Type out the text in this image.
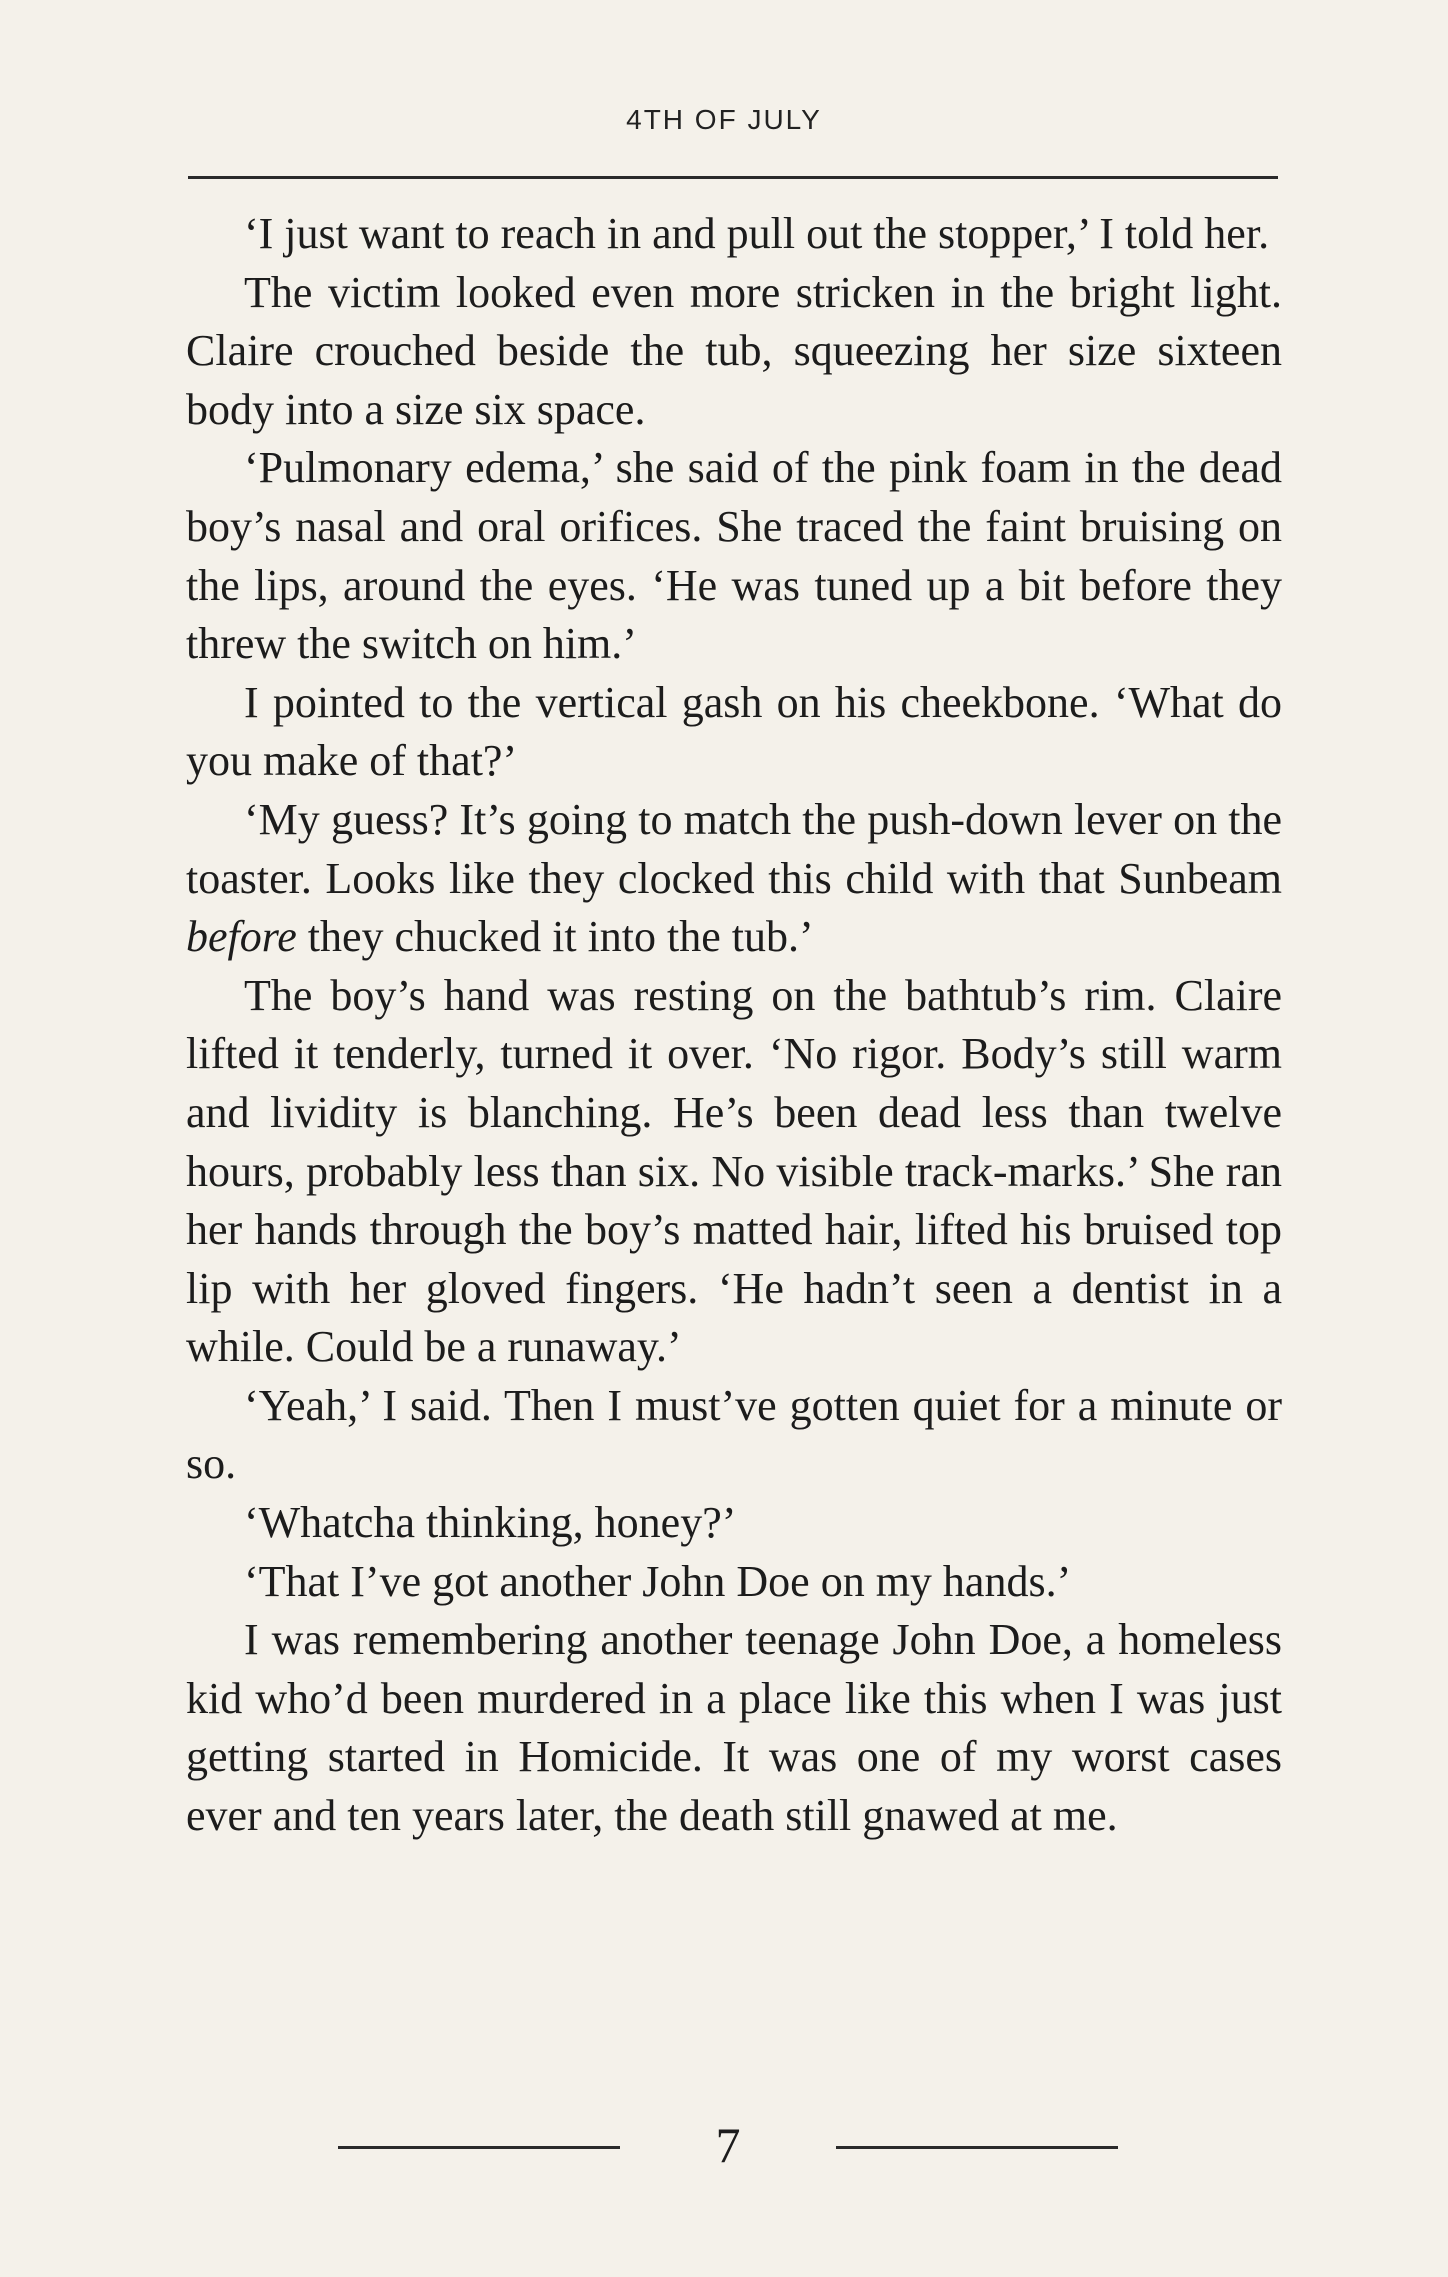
4TH OF JULY

‘I just want to reach in and pull out the stopper,’ I told her.

The victim looked even more stricken in the bright light. Claire crouched beside the tub, squeezing her size sixteen body into a size six space.

‘Pulmonary edema,’ she said of the pink foam in the dead boy’s nasal and oral orifices. She traced the faint bruising on the lips, around the eyes. ‘He was tuned up a bit before they threw the switch on him.’

I pointed to the vertical gash on his cheekbone. ‘What do you make of that?’

‘My guess? It’s going to match the push-down lever on the toaster. Looks like they clocked this child with that Sunbeam before they chucked it into the tub.’

The boy’s hand was resting on the bathtub’s rim. Claire lifted it tenderly, turned it over. ‘No rigor. Body’s still warm and lividity is blanching. He’s been dead less than twelve hours, probably less than six. No visible track-marks.’ She ran her hands through the boy’s matted hair, lifted his bruised top lip with her gloved fingers. ‘He hadn’t seen a dentist in a while. Could be a runaway.’

‘Yeah,’ I said. Then I must’ve gotten quiet for a minute or so.

‘Whatcha thinking, honey?’

‘That I’ve got another John Doe on my hands.’

I was remembering another teenage John Doe, a homeless kid who’d been murdered in a place like this when I was just getting started in Homicide. It was one of my worst cases ever and ten years later, the death still gnawed at me.

7
